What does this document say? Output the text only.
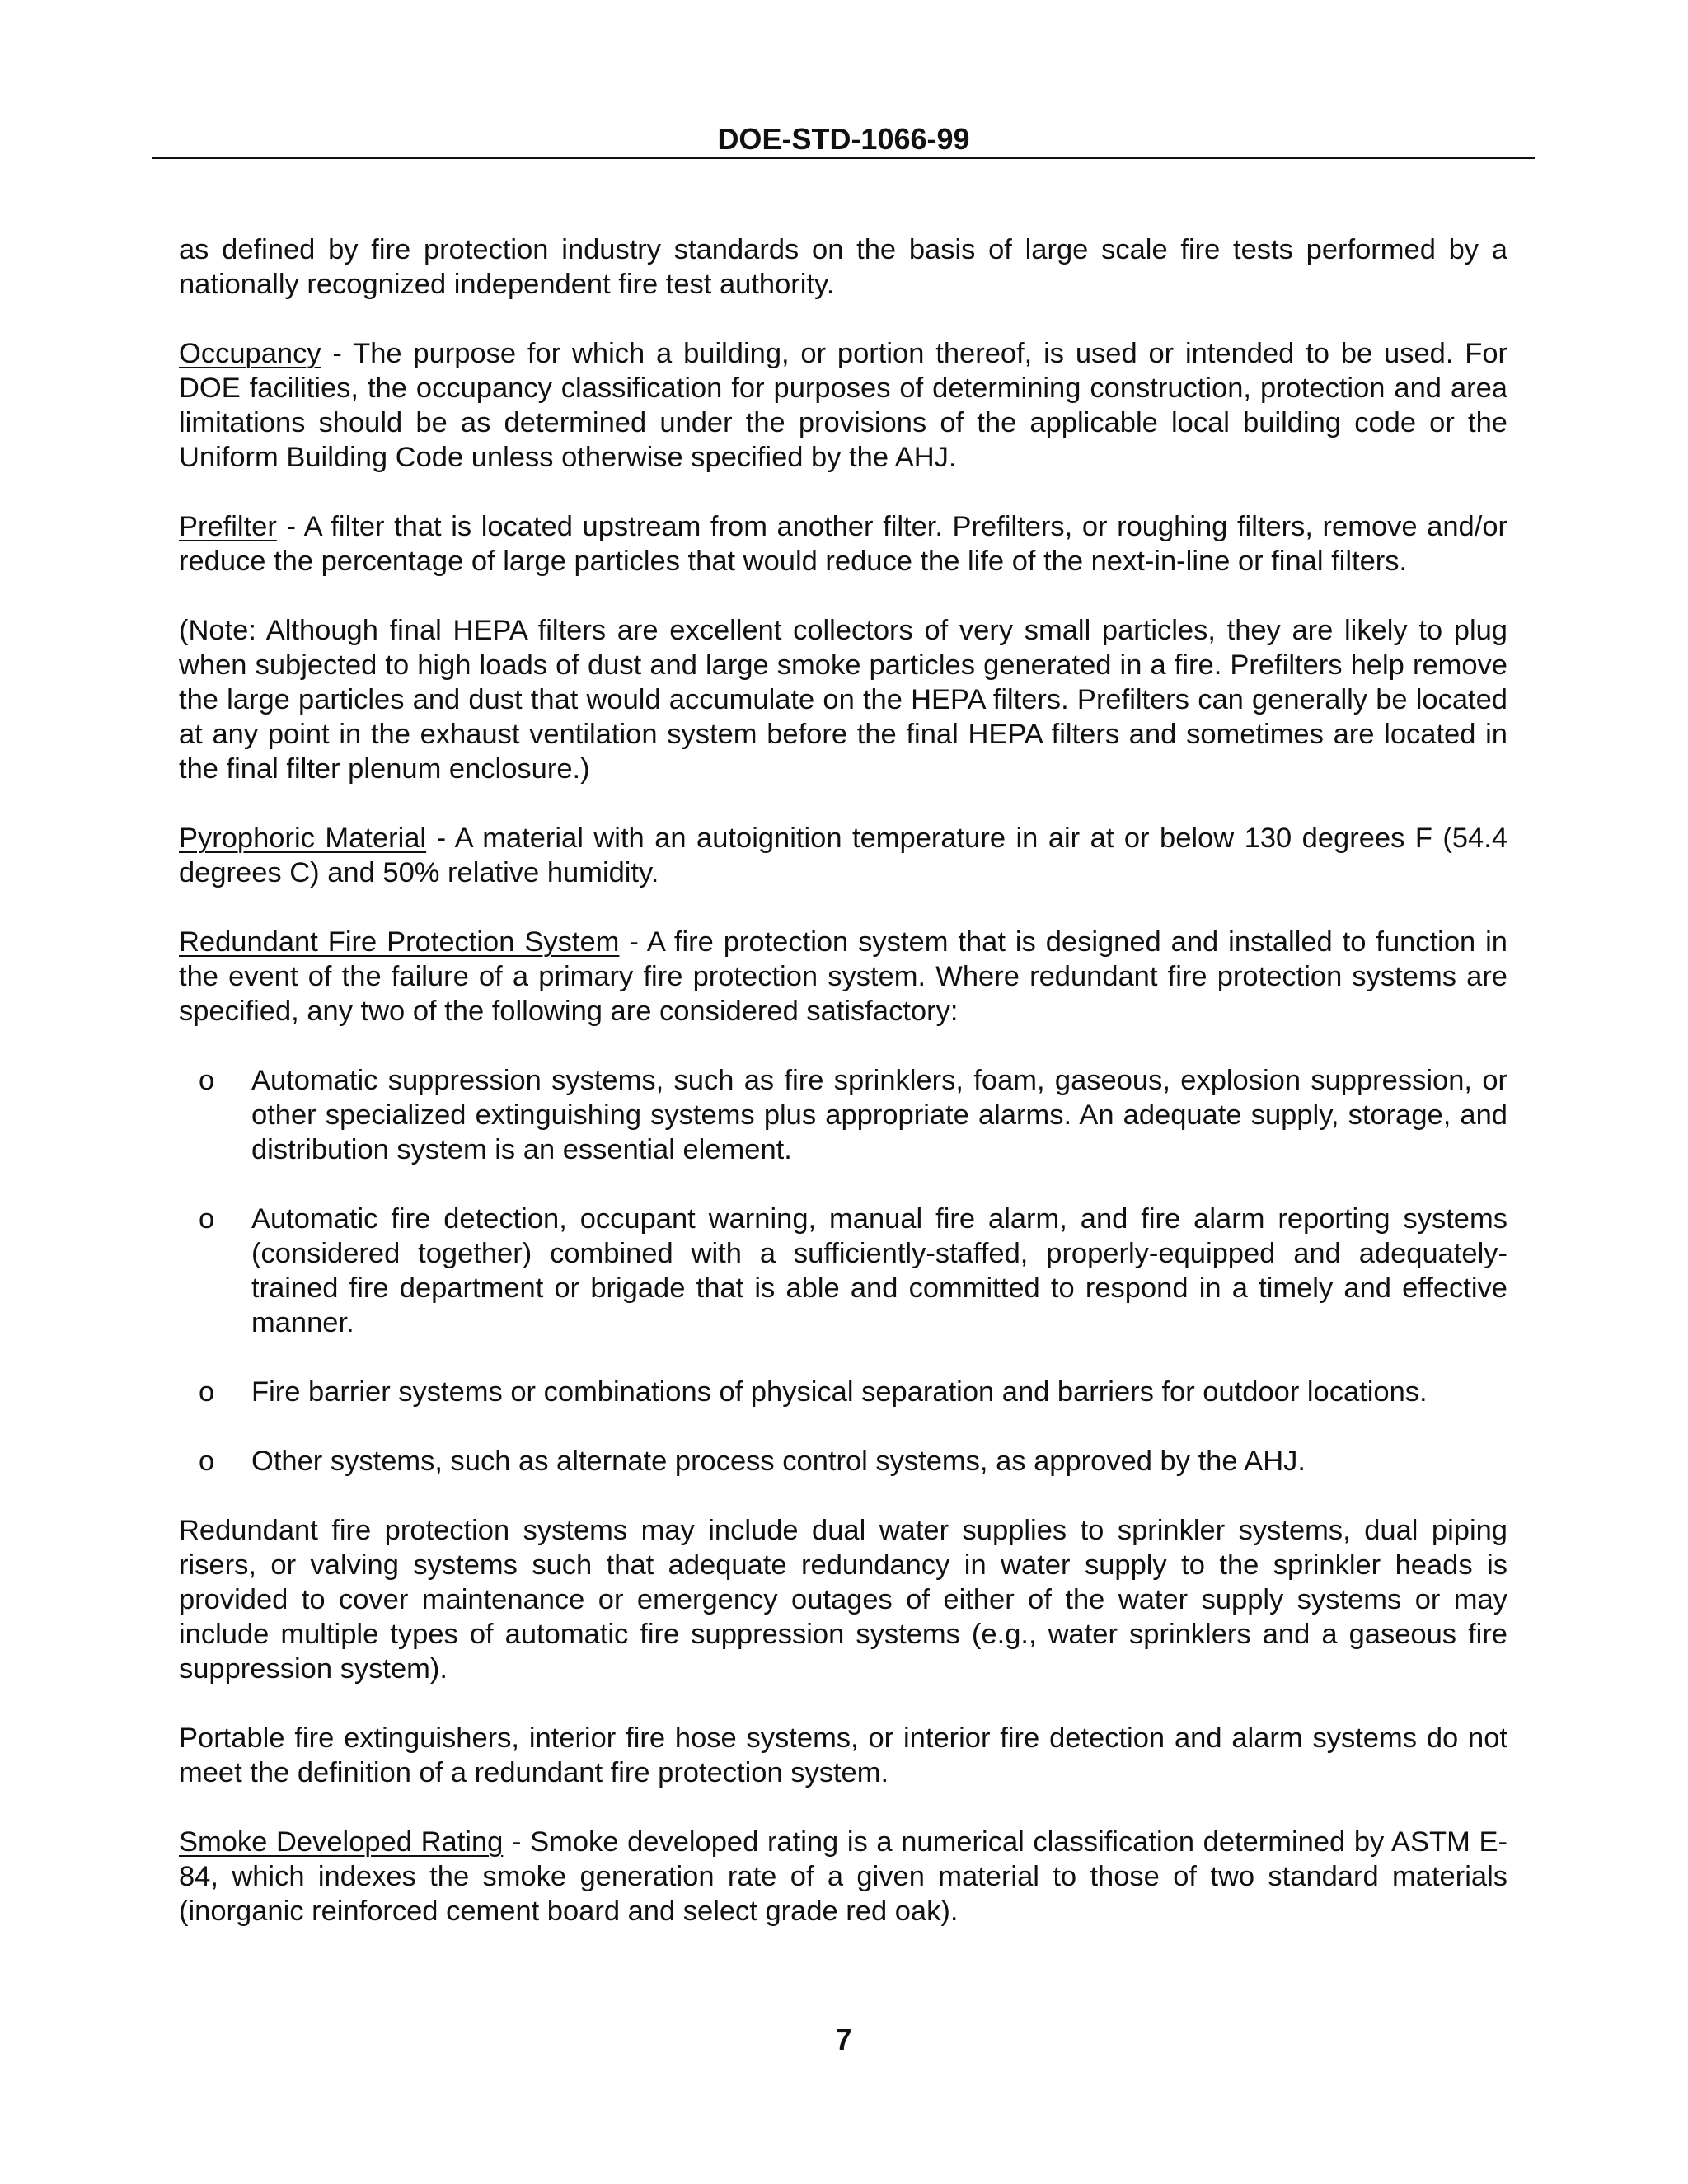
DOE-STD-1066-99

as defined by fire protection industry standards on the basis of large scale fire tests performed by a nationally recognized independent fire test authority.

Occupancy - The purpose for which a building, or portion thereof, is used or intended to be used. For DOE facilities, the occupancy classification for purposes of determining construction, protection and area limitations should be as determined under the provisions of the applicable local building code or the Uniform Building Code unless otherwise specified by the AHJ.

Prefilter - A filter that is located upstream from another filter. Prefilters, or roughing filters, remove and/or reduce the percentage of large particles that would reduce the life of the next-in-line or final filters.

(Note: Although final HEPA filters are excellent collectors of very small particles, they are likely to plug when subjected to high loads of dust and large smoke particles generated in a fire. Prefilters help remove the large particles and dust that would accumulate on the HEPA filters. Prefilters can generally be located at any point in the exhaust ventilation system before the final HEPA filters and sometimes are located in the final filter plenum enclosure.)

Pyrophoric Material - A material with an autoignition temperature in air at or below 130 degrees F (54.4 degrees C) and 50% relative humidity.

Redundant Fire Protection System - A fire protection system that is designed and installed to function in the event of the failure of a primary fire protection system. Where redundant fire protection systems are specified, any two of the following are considered satisfactory:

o Automatic suppression systems, such as fire sprinklers, foam, gaseous, explosion suppression, or other specialized extinguishing systems plus appropriate alarms. An adequate supply, storage, and distribution system is an essential element.
o Automatic fire detection, occupant warning, manual fire alarm, and fire alarm reporting systems (considered together) combined with a sufficiently-staffed, properly-equipped and adequately-trained fire department or brigade that is able and committed to respond in a timely and effective manner.
o Fire barrier systems or combinations of physical separation and barriers for outdoor locations.
o Other systems, such as alternate process control systems, as approved by the AHJ.

Redundant fire protection systems may include dual water supplies to sprinkler systems, dual piping risers, or valving systems such that adequate redundancy in water supply to the sprinkler heads is provided to cover maintenance or emergency outages of either of the water supply systems or may include multiple types of automatic fire suppression systems (e.g., water sprinklers and a gaseous fire suppression system).

Portable fire extinguishers, interior fire hose systems, or interior fire detection and alarm systems do not meet the definition of a redundant fire protection system.

Smoke Developed Rating - Smoke developed rating is a numerical classification determined by ASTM E-84, which indexes the smoke generation rate of a given material to those of two standard materials (inorganic reinforced cement board and select grade red oak).

7
